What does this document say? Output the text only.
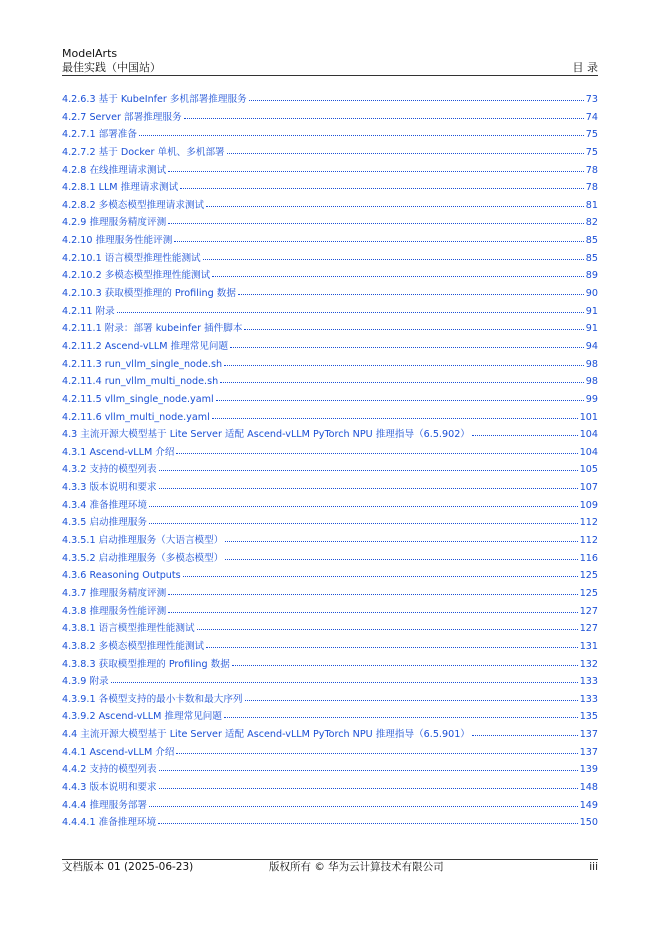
ModelArts
最佳实践（中国站）	目 录
4.2.6.3 基于 KubeInfer 多机部署推理服务	73
4.2.7 Server 部署推理服务	74
4.2.7.1 部署准备	75
4.2.7.2 基于 Docker 单机、多机部署	75
4.2.8 在线推理请求测试	78
4.2.8.1 LLM 推理请求测试	78
4.2.8.2 多模态模型推理请求测试	81
4.2.9 推理服务精度评测	82
4.2.10 推理服务性能评测	85
4.2.10.1 语言模型推理性能测试	85
4.2.10.2 多模态模型推理性能测试	89
4.2.10.3 获取模型推理的 Profiling 数据	90
4.2.11 附录	91
4.2.11.1 附录：部署 kubeinfer 插件脚本	91
4.2.11.2 Ascend-vLLM 推理常见问题	94
4.2.11.3 run_vllm_single_node.sh	98
4.2.11.4 run_vllm_multi_node.sh	98
4.2.11.5 vllm_single_node.yaml	99
4.2.11.6 vllm_multi_node.yaml	101
4.3 主流开源大模型基于 Lite Server 适配 Ascend-vLLM PyTorch NPU 推理指导（6.5.902）	104
4.3.1 Ascend-vLLM 介绍	104
4.3.2 支持的模型列表	105
4.3.3 版本说明和要求	107
4.3.4 准备推理环境	109
4.3.5 启动推理服务	112
4.3.5.1 启动推理服务（大语言模型）	112
4.3.5.2 启动推理服务（多模态模型）	116
4.3.6 Reasoning Outputs	125
4.3.7 推理服务精度评测	125
4.3.8 推理服务性能评测	127
4.3.8.1 语言模型推理性能测试	127
4.3.8.2 多模态模型推理性能测试	131
4.3.8.3 获取模型推理的 Profiling 数据	132
4.3.9 附录	133
4.3.9.1 各模型支持的最小卡数和最大序列	133
4.3.9.2 Ascend-vLLM 推理常见问题	135
4.4 主流开源大模型基于 Lite Server 适配 Ascend-vLLM PyTorch NPU 推理指导（6.5.901）	137
4.4.1 Ascend-vLLM 介绍	137
4.4.2 支持的模型列表	139
4.4.3 版本说明和要求	148
4.4.4 推理服务部署	149
4.4.4.1 准备推理环境	150
文档版本 01 (2025-06-23)	版权所有 © 华为云计算技术有限公司	iii
